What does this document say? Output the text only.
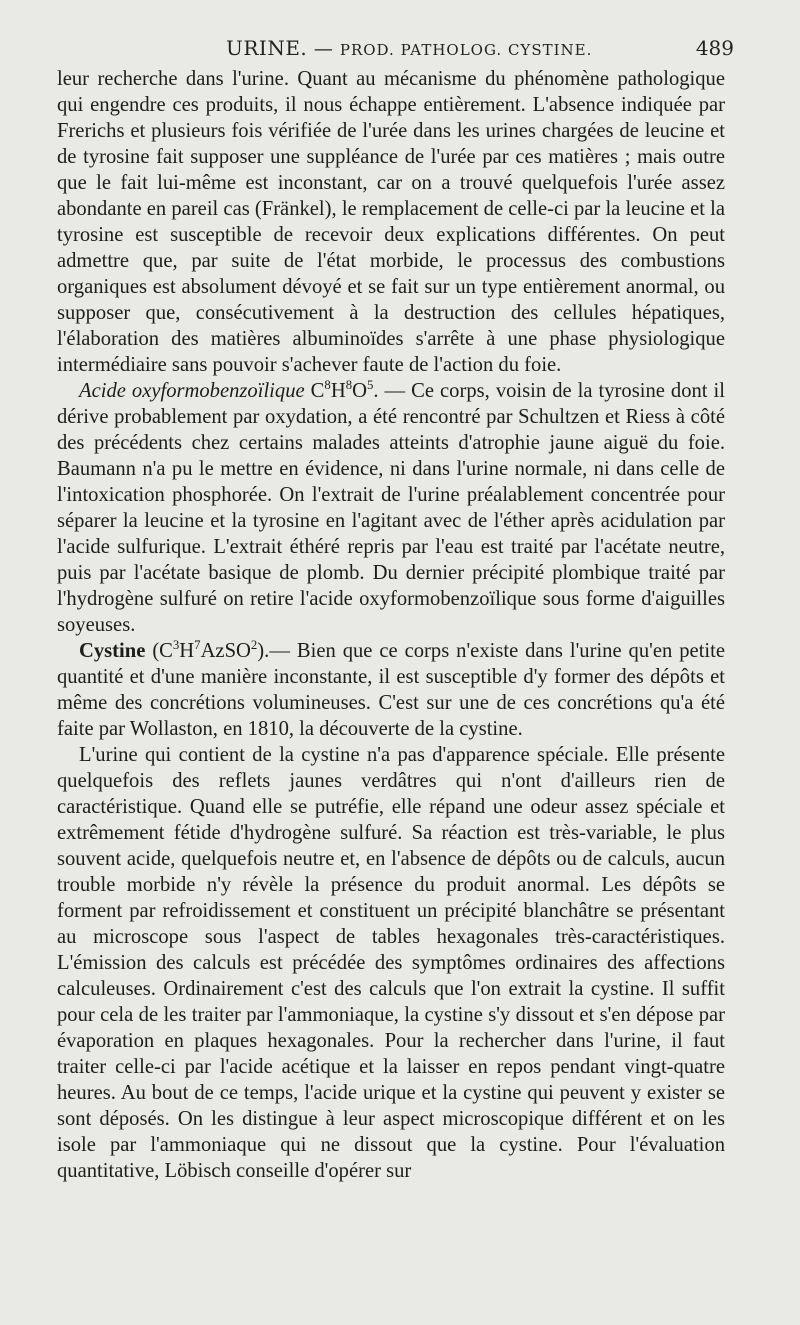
URINE. — PROD. PATHOLOG. CYSTINE.	489

leur recherche dans l'urine. Quant au mécanisme du phénomène pathologique qui engendre ces produits, il nous échappe entièrement. L'absence indiquée par Frerichs et plusieurs fois vérifiée de l'urée dans les urines chargées de leucine et de tyrosine fait supposer une suppléance de l'urée par ces matières ; mais outre que le fait lui-même est inconstant, car on a trouvé quelquefois l'urée assez abondante en pareil cas (Fränkel), le remplacement de celle-ci par la leucine et la tyrosine est susceptible de recevoir deux explications différentes. On peut admettre que, par suite de l'état morbide, le processus des combustions organiques est absolument dévoyé et se fait sur un type entièrement anormal, ou supposer que, consécutivement à la destruction des cellules hépatiques, l'élaboration des matières albuminoïdes s'arrête à une phase physiologique intermédiaire sans pouvoir s'achever faute de l'action du foie.

Acide oxyformobenzoïlique $C^8H^8O^5$. — Ce corps, voisin de la tyrosine dont il dérive probablement par oxydation, a été rencontré par Schultzen et Riess à côté des précédents chez certains malades atteints d'atrophie jaune aiguë du foie. Baumann n'a pu le mettre en évidence, ni dans l'urine normale, ni dans celle de l'intoxication phosphorée. On l'extrait de l'urine préalablement concentrée pour séparer la leucine et la tyrosine en l'agitant avec de l'éther après acidulation par l'acide sulfurique. L'extrait éthéré repris par l'eau est traité par l'acétate neutre, puis par l'acétate basique de plomb. Du dernier précipité plombique traité par l'hydrogène sulfuré on retire l'acide oxyformobenzoïlique sous forme d'aiguilles soyeuses.

Cystine $(C^3H^7AzSO^2).—$ Bien que ce corps n'existe dans l'urine qu'en petite quantité et d'une manière inconstante, il est susceptible d'y former des dépôts et même des concrétions volumineuses. C'est sur une de ces concrétions qu'a été faite par Wollaston, en 1810, la découverte de la cystine.

L'urine qui contient de la cystine n'a pas d'apparence spéciale. Elle présente quelquefois des reflets jaunes verdâtres qui n'ont d'ailleurs rien de caractéristique. Quand elle se putréfie, elle répand une odeur assez spéciale et extrêmement fétide d'hydrogène sulfuré. Sa réaction est très-variable, le plus souvent acide, quelquefois neutre et, en l'absence de dépôts ou de calculs, aucun trouble morbide n'y révèle la présence du produit anormal. Les dépôts se forment par refroidissement et constituent un précipité blanchâtre se présentant au microscope sous l'aspect de tables hexagonales très-caractéristiques. L'émission des calculs est précédée des symptômes ordinaires des affections calculeuses. Ordinairement c'est des calculs que l'on extrait la cystine. Il suffit pour cela de les traiter par l'ammoniaque, la cystine s'y dissout et s'en dépose par évaporation en plaques hexagonales. Pour la rechercher dans l'urine, il faut traiter celle-ci par l'acide acétique et la laisser en repos pendant vingt-quatre heures. Au bout de ce temps, l'acide urique et la cystine qui peuvent y exister se sont déposés. On les distingue à leur aspect microscopique différent et on les isole par l'ammoniaque qui ne dissout que la cystine. Pour l'évaluation quantitative, Löbisch conseille d'opérer sur
